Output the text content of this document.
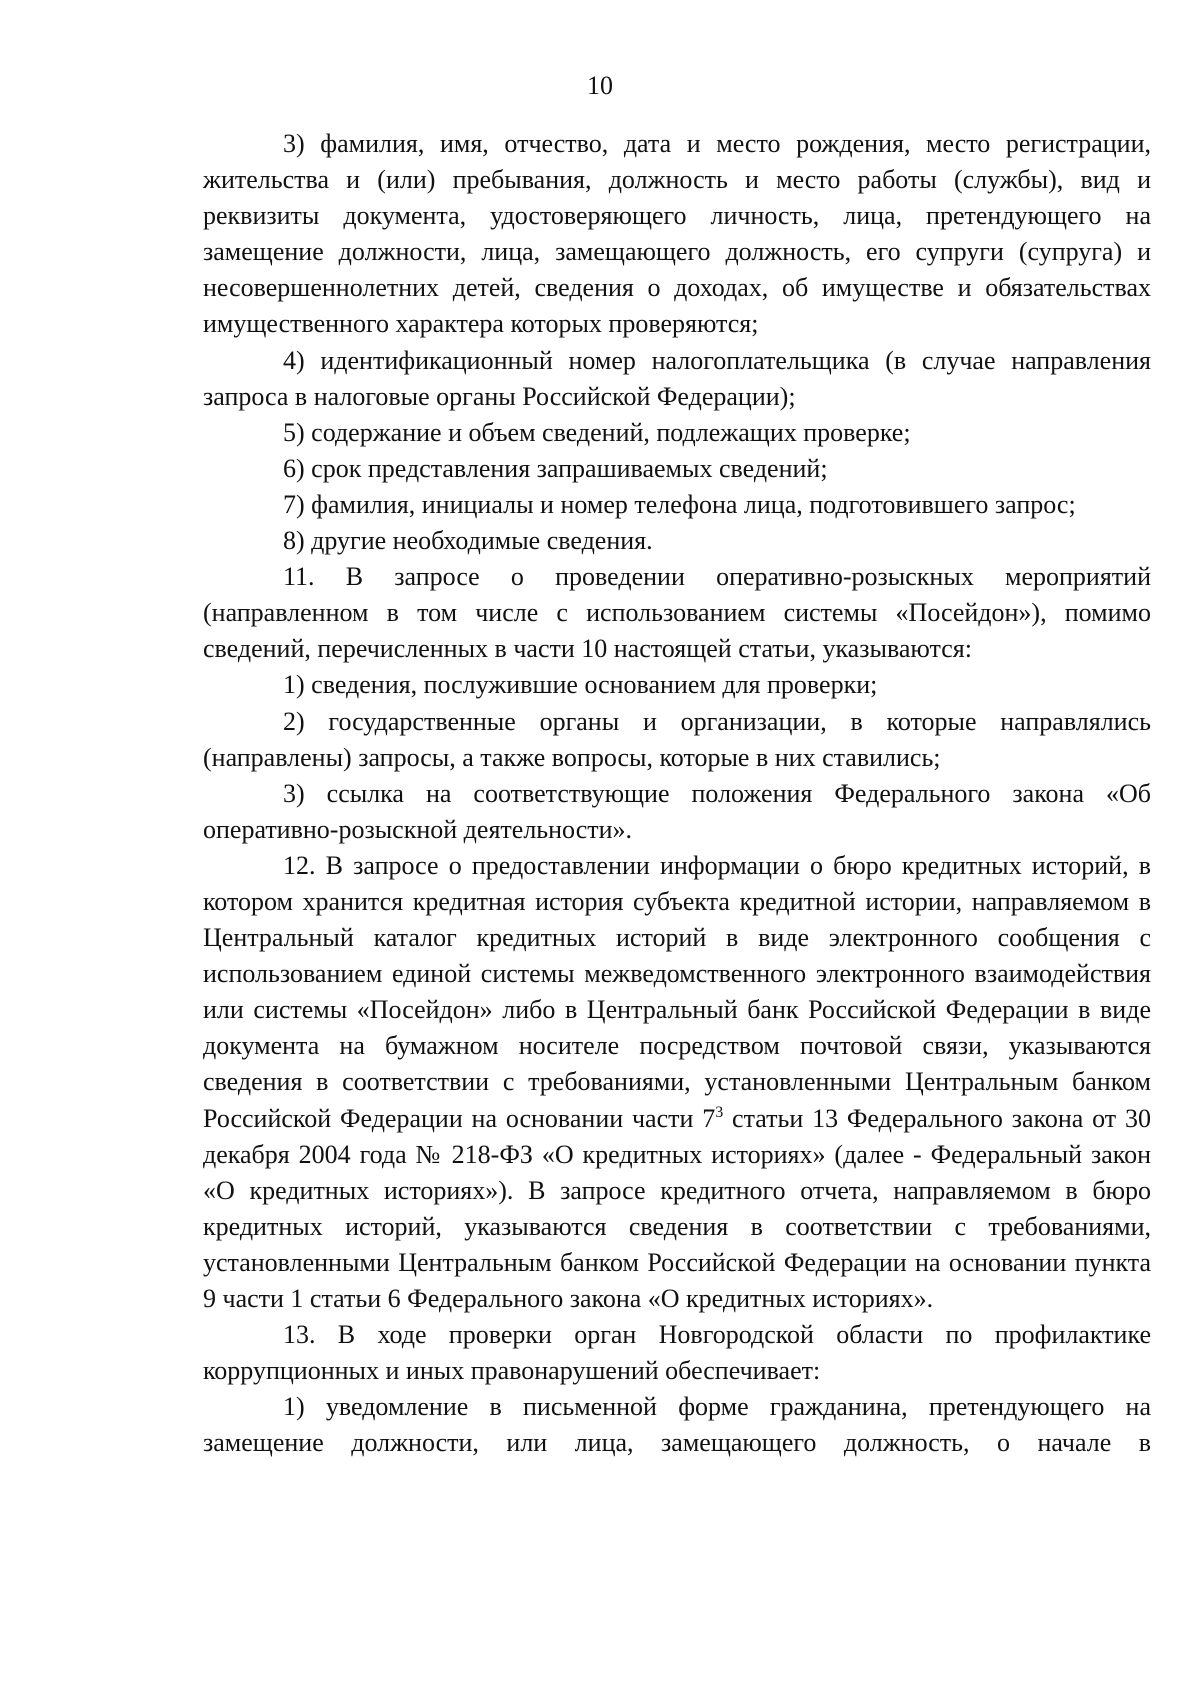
10

3) фамилия, имя, отчество, дата и место рождения, место регистрации, жительства и (или) пребывания, должность и место работы (службы), вид и реквизиты документа, удостоверяющего личность, лица, претендующего на замещение должности, лица, замещающего должность, его супруги (супруга) и несовершеннолетних детей, сведения о доходах, об имуществе и обязательствах имущественного характера которых проверяются;

4) идентификационный номер налогоплательщика (в случае направления запроса в налоговые органы Российской Федерации);

5) содержание и объем сведений, подлежащих проверке;

6) срок представления запрашиваемых сведений;

7) фамилия, инициалы и номер телефона лица, подготовившего запрос;

8) другие необходимые сведения.

11. В запросе о проведении оперативно-розыскных мероприятий (направленном в том числе с использованием системы «Посейдон»), помимо сведений, перечисленных в части 10 настоящей статьи, указываются:

1) сведения, послужившие основанием для проверки;

2) государственные органы и организации, в которые направлялись (направлены) запросы, а также вопросы, которые в них ставились;

3) ссылка на соответствующие положения Федерального закона «Об оперативно-розыскной деятельности».

12. В запросе о предоставлении информации о бюро кредитных историй, в котором хранится кредитная история субъекта кредитной истории, направляемом в Центральный каталог кредитных историй в виде электронного сообщения с использованием единой системы межведомственного электронного взаимодействия или системы «Посейдон» либо в Центральный банк Российской Федерации в виде документа на бумажном носителе посредством почтовой связи, указываются сведения в соответствии с требованиями, установленными Центральным банком Российской Федерации на основании части $7^3$ статьи 13 Федерального закона от 30 декабря 2004 года № 218-ФЗ «О кредитных историях» (далее - Федеральный закон «О кредитных историях»). В запросе кредитного отчета, направляемом в бюро кредитных историй, указываются сведения в соответствии с требованиями, установленными Центральным банком Российской Федерации на основании пункта 9 части 1 статьи 6 Федерального закона «О кредитных историях».

13. В ходе проверки орган Новгородской области по профилактике коррупционных и иных правонарушений обеспечивает:

1) уведомление в письменной форме гражданина, претендующего на замещение должности, или лица, замещающего должность, о начале в
